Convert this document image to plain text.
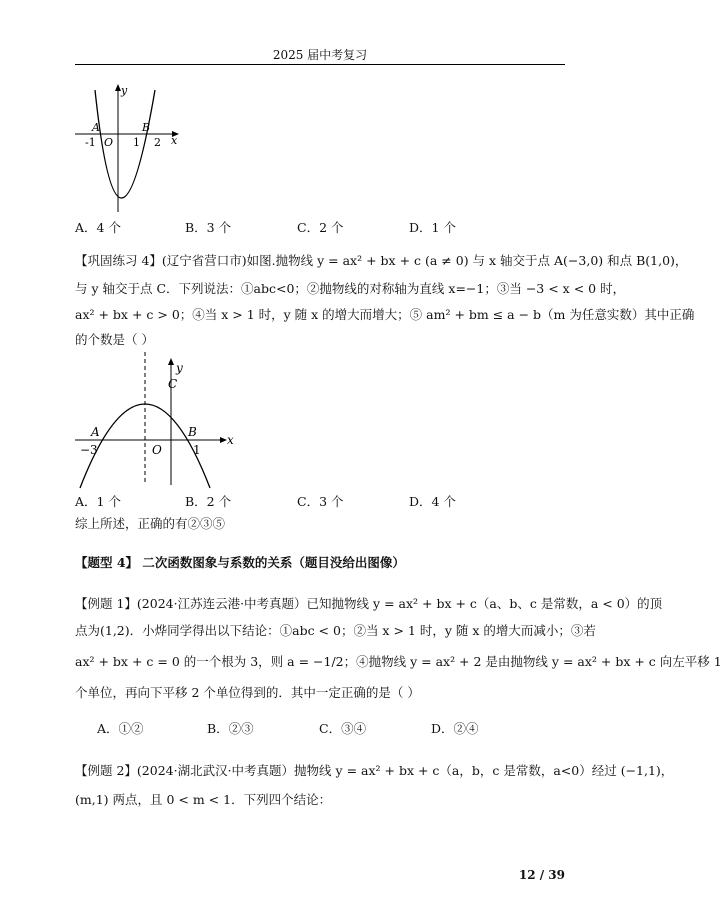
2025 届中考复习
y
x
A	B
-1 O 1 2
A．4 个	B．3 个	C．2 个	D．1 个
【巩固练习 4】(辽宁省营口市)如图.抛物线 y = ax² + bx + c (a ≠ 0) 与 x 轴交于点 A(−3,0) 和点 B(1,0)，
与 y 轴交于点 C．下列说法：①abc<0；②抛物线的对称轴为直线 x=−1；③当 −3 < x < 0 时，
ax² + bx + c > 0；④当 x > 1 时，y 随 x 的增大而增大；⑤ am² + bm ≤ a − b（m 为任意实数）其中正确
的个数是（ ）
y
x
A	B
C
−3	O	1
A．1 个	B．2 个	C．3 个	D．4 个
综上所述，正确的有②③⑤
【题型 4】 二次函数图象与系数的关系（题目没给出图像）
【例题 1】(2024·江苏连云港·中考真题）已知抛物线 y = ax² + bx + c（a、b、c 是常数，a < 0）的顶
点为(1,2)．小烨同学得出以下结论：①abc < 0；②当 x > 1 时，y 随 x 的增大而减小；③若
ax² + bx + c = 0 的一个根为 3，则 a = −1/2；④抛物线 y = ax² + 2 是由抛物线 y = ax² + bx + c 向左平移 1
个单位，再向下平移 2 个单位得到的．其中一定正确的是（ ）
A．①②	B．②③	C．③④	D．②④
【例题 2】(2024·湖北武汉·中考真题）抛物线 y = ax² + bx + c（a，b，c 是常数，a<0）经过 (−1,1)，
(m,1) 两点，且 0 < m < 1．下列四个结论：
12 / 39
